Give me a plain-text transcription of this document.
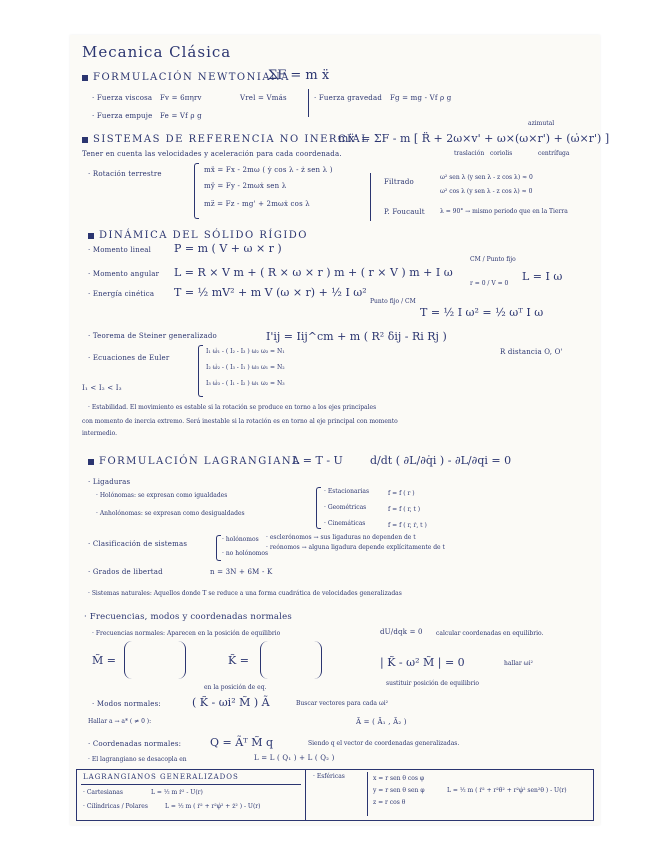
Mecanica Clásica
FORMULACIÓN NEWTONIANA
ΣF = m ẍ
· Fuerza viscosa Fv = 6πηrv	Vrel = Vmás	· Fuerza gravedad Fg = mg - Vf ρ g
· Fuerza empuje Fe = Vf ρ g
SISTEMAS DE REFERENCIA NO INERCIAL
azimutal
mẍ' = ΣF - m [ R̈ + 2ω×v' + ω×(ω×r') + (ω̇×r') ]
traslación coriolis	centrífuga
Tener en cuenta las velocidades y aceleración para cada coordenada.
· Rotación terrestre	mẍ = Fx - 2mω ( ẏ cos λ - ż sen λ )
mÿ = Fy - 2mωẋ sen λ
mz̈ = Fz - mg' + 2mωẋ cos λ
Filtrado
ω² sen λ (y sen λ - z cos λ) ≈ 0
ω² cos λ (y sen λ - z cos λ) ≈ 0
P. Foucault	λ = 90° → mismo periodo que en la Tierra
DINÁMICA DEL SÓLIDO RÍGIDO
· Momento lineal P = m ( V + ω × r )
CM / Punto fijo
· Momento angular L = R × V m + ( R × ω × r ) m + ( r × V ) m + I ω
r = 0 / V = 0
L = I ω
· Energía cinética T = ½ mV² + m V (ω × r) + ½ I ω²
Punto fijo / CM
T = ½ I ω² = ½ ωᵀ I ω
· Teorema de Steiner generalizado	I'ij = Iij^cm + m ( R² δij - Ri Rj )
R distancia O, O'
· Ecuaciones de Euler
I₁ ω̇₁ - ( I₂ - I₃ ) ω₂ ω₃ = N₁
I₂ ω̇₂ - ( I₃ - I₁ ) ω₃ ω₁ = N₂
I₃ ω̇₃ - ( I₁ - I₂ ) ω₁ ω₂ = N₃
I₁ < I₂ < I₃
· Estabilidad. El movimiento es estable si la rotación se produce en torno a los ejes principales
con momento de inercia extremo. Será inestable si la rotación es en torno al eje principal con momento
intermedio.
FORMULACIÓN LAGRANGIANA
L = T - U d/dt ( ∂L/∂q̇i ) - ∂L/∂qi = 0
· Ligaduras
· Holónomas: se expresan como igualdades
· Anholónomas: se expresan como desigualdades
· Estacionarias	f = f ( r )
· Geométricas	f = f ( r, t )
· Cinemáticas	f = f ( r, ṙ, t )
· Clasificación de sistemas
· holónomos · esclerónomos → sus ligaduras no dependen de t
· reónomos → alguna ligadura depende explícitamente de t
· no holónomos
· Grados de libertad	n = 3N + 6M - K
· Sistemas naturales: Aquellos donde T se reduce a una forma cuadrática de velocidades generalizadas
· Frecuencias, modos y coordenadas normales
· Frecuencias normales: Aparecen en la posición de equilibrio	dU/dqk = 0 calcular coordenadas en equilibrio.
M̃ =	K̃ =
en la posición de eq.
| K̃ - ω² M̃ | = 0	hallar ωi²
sustituir posición de equilibrio
· Modos normales:	( K̃ - ωi² M̃ ) Ã	Buscar vectores para cada ωi²
Hallar a → a* ( ≠ 0 ):	Ã = ( Ã₁ , Ã₂ )
· Coordenadas normales:	Q = Ãᵀ M̃ q	Siendo q el vector de coordenadas generalizadas.
· El lagrangiano se desacopla en	L = L ( Q₁ ) + L ( Q₂ )
LAGRANGIANOS GENERALIZADOS
· Cartesianas	L = ½ m ṙ² - U(r)
· Cilíndricas / Polares	L = ½ m ( ṙ² + r²φ̇² + ż² ) - U(r)
· Esféricas	x = r sen θ cos φ
y = r sen θ sen φ
z = r cos θ
L = ½ m ( ṙ² + r²θ̇² + r²φ̇² sen²θ ) - U(r)
